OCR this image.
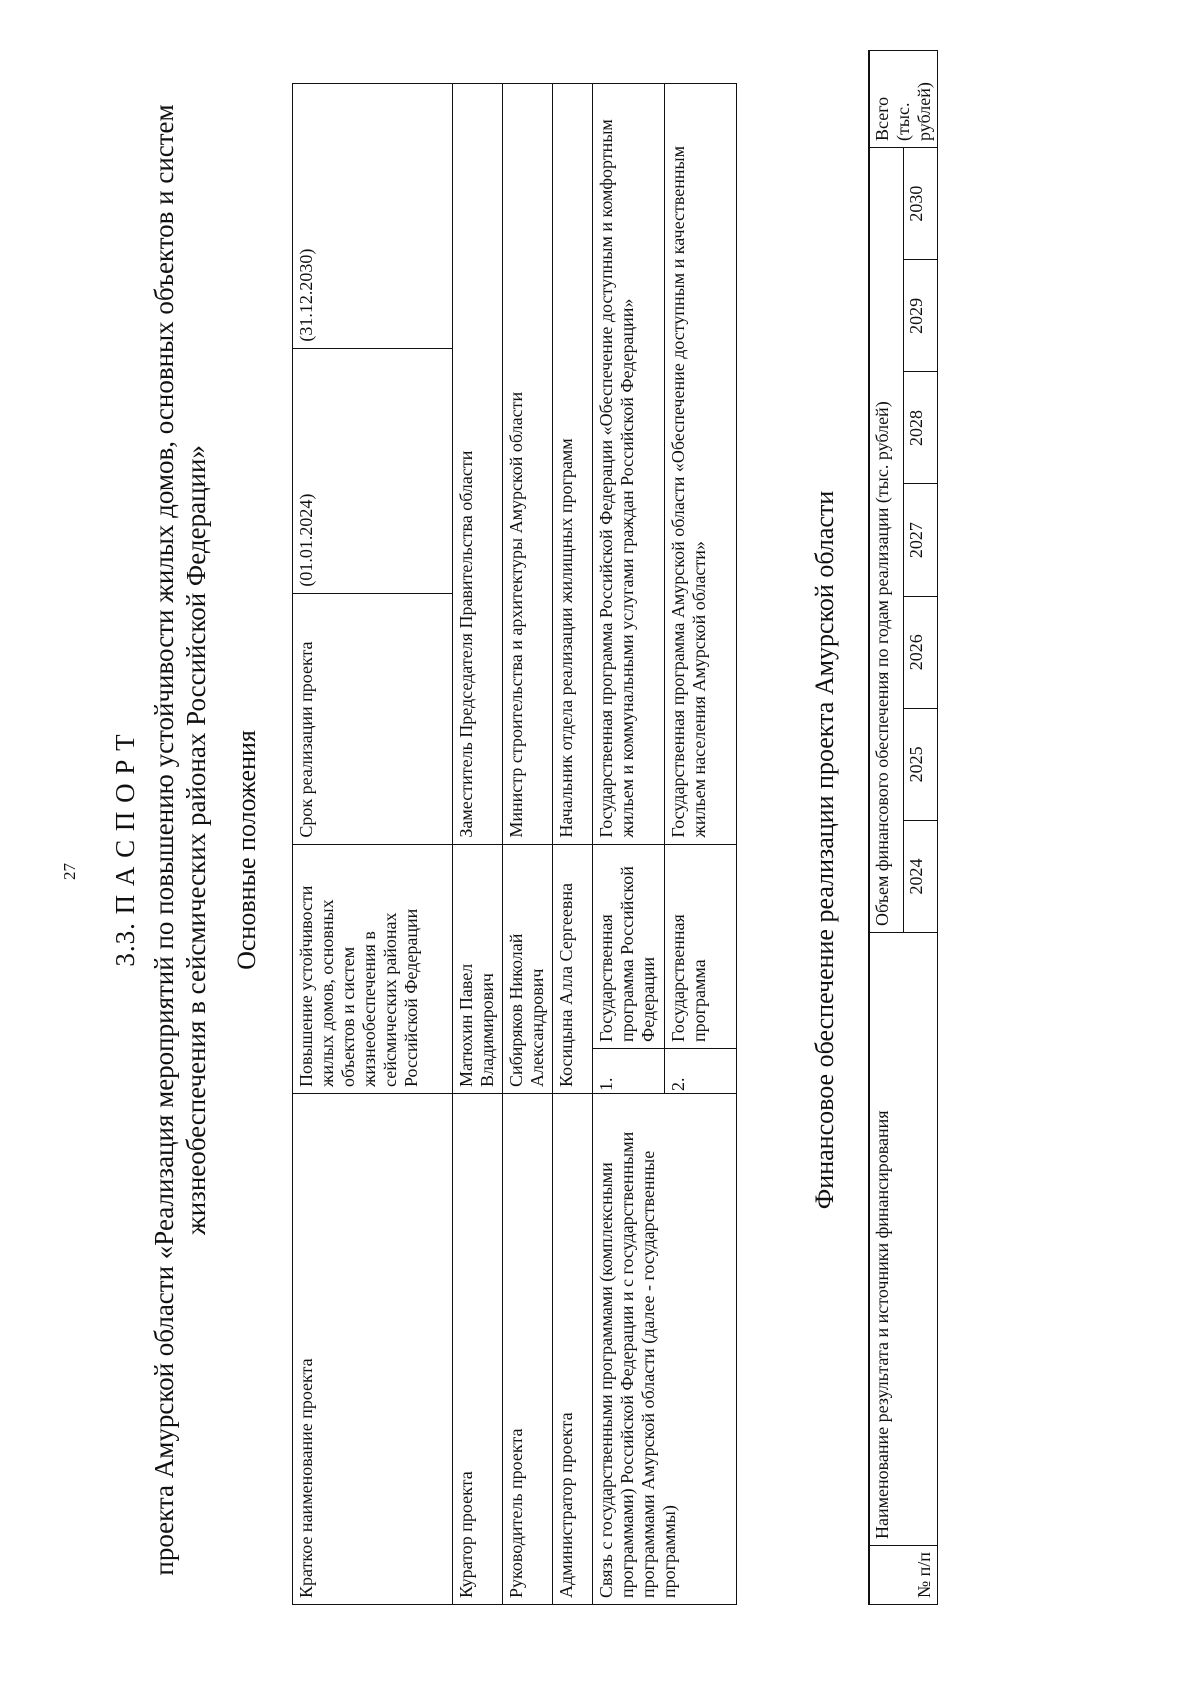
27 3.3. П А С П О Р Т проекта Амурской области «Реализация мероприятий по повышению устойчивости жилых домов, основных объектов и систем жизнеобеспечения в сейсмических районах Российской Федерации» Основные положения
Краткое наименование проекта	Повышение устойчивости жилых домов, основных объектов и систем жизнеобеспечения в сейсмических районах Российской Федерации		Срок реализации проекта	(01.01.2024)	(31.12.2030)
Куратор проекта	Матюхин Павел Владимирович		Заместитель Председателя Правительства области		
Руководитель проекта	Сибиряков Николай Александрович		Министр строительства и архитектуры Амурской области		
Администратор проекта	Косицына Алла Сергеевна		Начальник отдела реализации жилищных программ		
Связь с государственными программами (комплексными программами) Российской Федерации и с государственными программами Амурской области (далее - государственные программы)	1.	Государственная программа Российской Федерации	Государственная программа Российской Федерации «Обеспечение доступным и комфортным жильем и коммунальными услугами граждан Российской Федерации»		
	2.	Государственная программа	Государственная программа Амурской области «Обеспечение доступным и качественным жильем населения Амурской области»			Финансовое обеспечение реализации проекта Амурской области
№ п/п	Наименование результата и источники финансирования	Объем финансового обеспечения по годам реализации (тыс. рублей)							Всего (тыс. рублей)
		2024	2025	2026	2027	2028	2029	2030	
